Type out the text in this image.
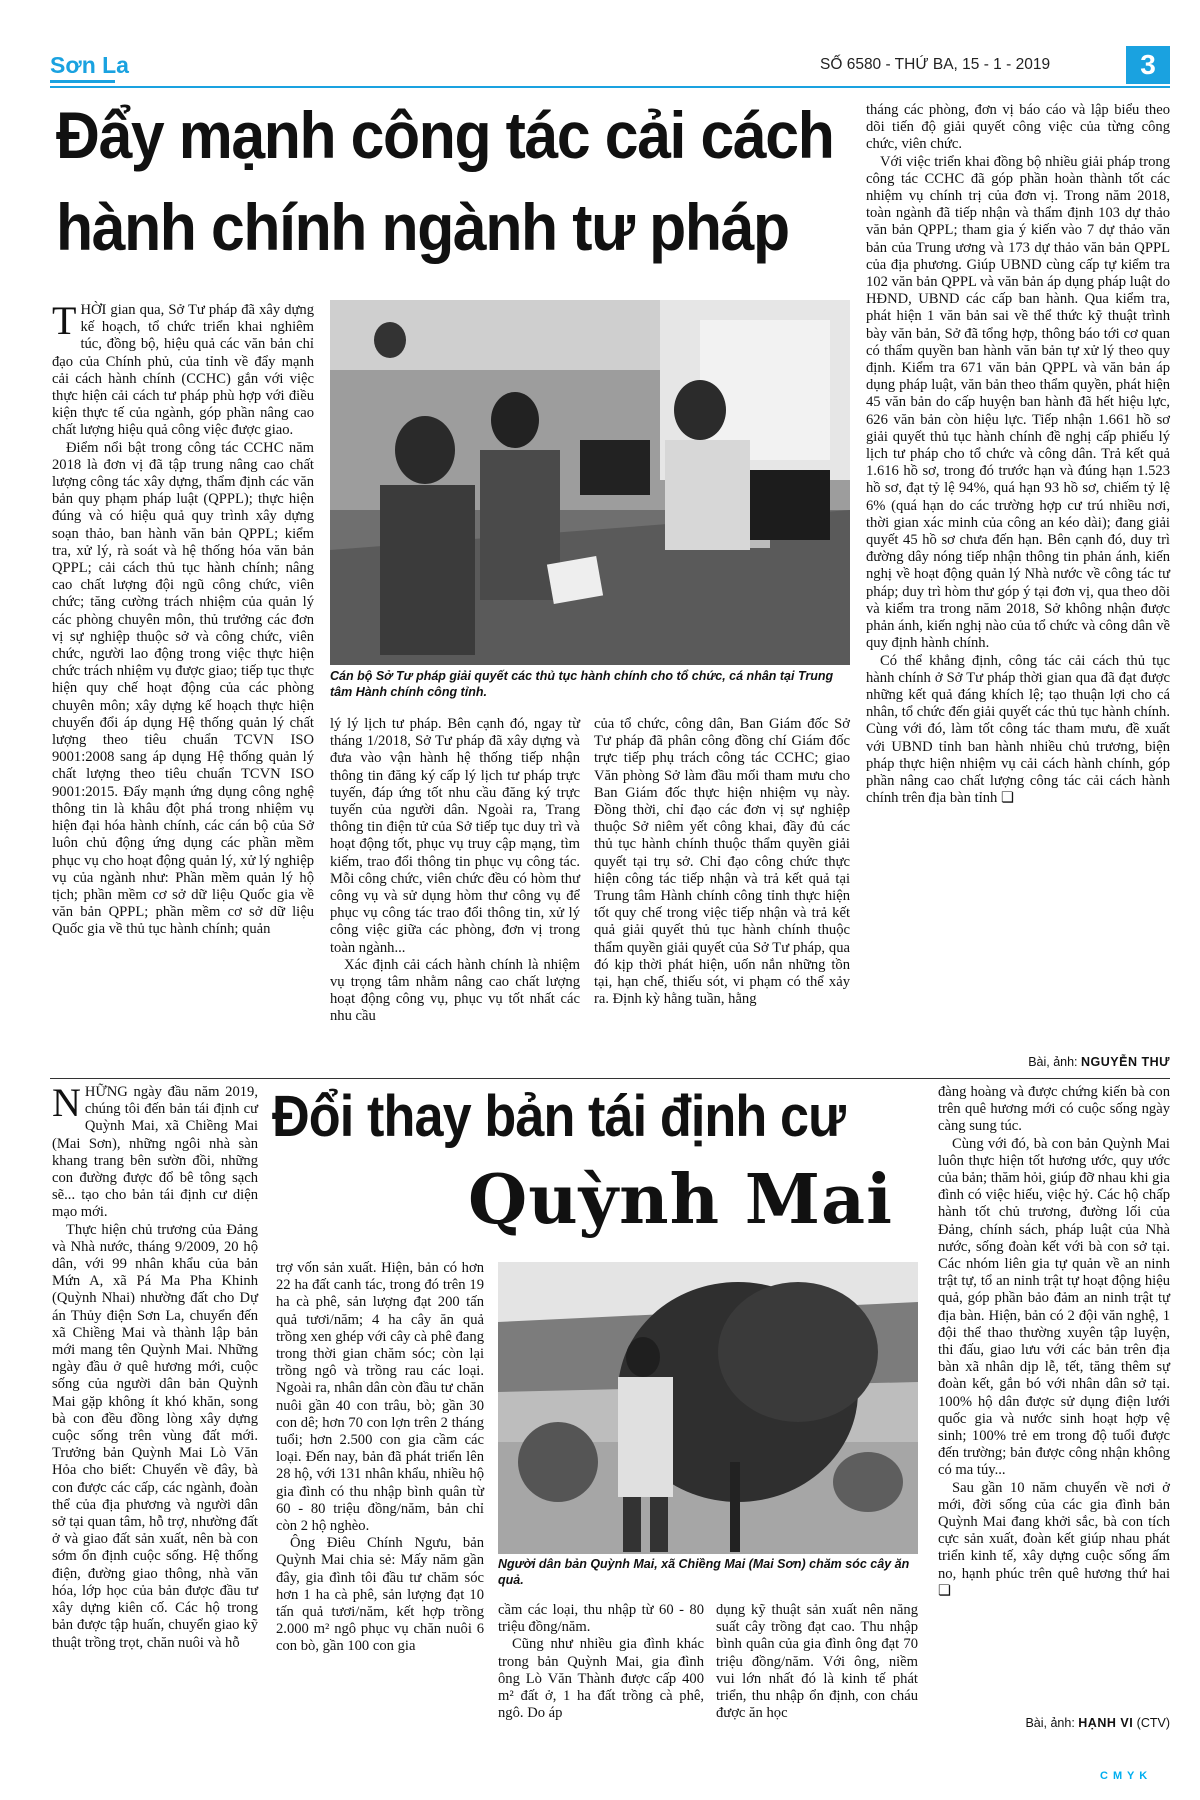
Sơn La	SỐ 6580 - THỨ BA, 15 - 1 - 2019	3
Đẩy mạnh công tác cải cách
hành chính ngành tư pháp
Cán bộ Sở Tư pháp giải quyết các thủ tục hành chính cho tổ chức, cá nhân tại Trung tâm Hành chính công tỉnh.

THỜI gian qua, Sở Tư pháp đã xây dựng kế hoạch, tổ chức triển khai nghiêm túc, đồng bộ, hiệu quả các văn bản chỉ đạo của Chính phủ, của tỉnh về đẩy mạnh cải cách hành chính (CCHC) gắn với việc thực hiện cải cách tư pháp phù hợp với điều kiện thực tế của ngành, góp phần nâng cao chất lượng hiệu quả công việc được giao.

Điểm nổi bật trong công tác CCHC năm 2018 là đơn vị đã tập trung nâng cao chất lượng công tác xây dựng, thẩm định các văn bản quy phạm pháp luật (QPPL); thực hiện đúng và có hiệu quả quy trình xây dựng soạn thảo, ban hành văn bản QPPL; kiểm tra, xử lý, rà soát và hệ thống hóa văn bản QPPL; cải cách thủ tục hành chính; nâng cao chất lượng đội ngũ công chức, viên chức; tăng cường trách nhiệm của quản lý các phòng chuyên môn, thủ trưởng các đơn vị sự nghiệp thuộc sở và công chức, viên chức, người lao động trong việc thực hiện chức trách nhiệm vụ được giao; tiếp tục thực hiện quy chế hoạt động của các phòng chuyên môn; xây dựng kế hoạch thực hiện chuyển đổi áp dụng Hệ thống quản lý chất lượng theo tiêu chuẩn TCVN ISO 9001:2008 sang áp dụng Hệ thống quản lý chất lượng theo tiêu chuẩn TCVN ISO 9001:2015. Đẩy mạnh ứng dụng công nghệ thông tin là khâu đột phá trong nhiệm vụ hiện đại hóa hành chính, các cán bộ của Sở luôn chủ động ứng dụng các phần mềm phục vụ cho hoạt động quản lý, xử lý nghiệp vụ của ngành như: Phần mềm quản lý hộ tịch; phần mềm cơ sở dữ liệu Quốc gia về văn bản QPPL; phần mềm cơ sở dữ liệu Quốc gia về thủ tục hành chính; quản

lý lý lịch tư pháp. Bên cạnh đó, ngay từ tháng 1/2018, Sở Tư pháp đã xây dựng và đưa vào vận hành hệ thống tiếp nhận thông tin đăng ký cấp lý lịch tư pháp trực tuyến, đáp ứng tốt nhu cầu đăng ký trực tuyến của người dân. Ngoài ra, Trang thông tin điện tử của Sở tiếp tục duy trì và hoạt động tốt, phục vụ truy cập mạng, tìm kiếm, trao đổi thông tin phục vụ công tác. Mỗi công chức, viên chức đều có hòm thư công vụ và sử dụng hòm thư công vụ để phục vụ công tác trao đổi thông tin, xử lý công việc giữa các phòng, đơn vị trong toàn ngành...

Xác định cải cách hành chính là nhiệm vụ trọng tâm nhằm nâng cao chất lượng hoạt động công vụ, phục vụ tốt nhất các nhu cầu

của tổ chức, công dân, Ban Giám đốc Sở Tư pháp đã phân công đồng chí Giám đốc trực tiếp phụ trách công tác CCHC; giao Văn phòng Sở làm đầu mối tham mưu cho Ban Giám đốc thực hiện nhiệm vụ này. Đồng thời, chỉ đạo các đơn vị sự nghiệp thuộc Sở niêm yết công khai, đầy đủ các thủ tục hành chính thuộc thẩm quyền giải quyết tại trụ sở. Chỉ đạo công chức thực hiện công tác tiếp nhận và trả kết quả tại Trung tâm Hành chính công tỉnh thực hiện tốt quy chế trong việc tiếp nhận và trả kết quả giải quyết thủ tục hành chính thuộc thẩm quyền giải quyết của Sở Tư pháp, qua đó kịp thời phát hiện, uốn nắn những tồn tại, hạn chế, thiếu sót, vi phạm có thể xảy ra. Định kỳ hằng tuần, hằng

tháng các phòng, đơn vị báo cáo và lập biểu theo dõi tiến độ giải quyết công việc của từng công chức, viên chức.

Với việc triển khai đồng bộ nhiều giải pháp trong công tác CCHC đã góp phần hoàn thành tốt các nhiệm vụ chính trị của đơn vị. Trong năm 2018, toàn ngành đã tiếp nhận và thẩm định 103 dự thảo văn bản QPPL; tham gia ý kiến vào 7 dự thảo văn bản của Trung ương và 173 dự thảo văn bản QPPL của địa phương. Giúp UBND cùng cấp tự kiểm tra 102 văn bản QPPL và văn bản áp dụng pháp luật do HĐND, UBND các cấp ban hành. Qua kiểm tra, phát hiện 1 văn bản sai về thể thức kỹ thuật trình bày văn bản, Sở đã tổng hợp, thông báo tới cơ quan có thẩm quyền ban hành văn bản tự xử lý theo quy định. Kiểm tra 671 văn bản QPPL và văn bản áp dụng pháp luật, văn bản theo thẩm quyền, phát hiện 45 văn bản do cấp huyện ban hành đã hết hiệu lực, 626 văn bản còn hiệu lực. Tiếp nhận 1.661 hồ sơ giải quyết thủ tục hành chính đề nghị cấp phiếu lý lịch tư pháp cho tổ chức và công dân. Trả kết quả 1.616 hồ sơ, trong đó trước hạn và đúng hạn 1.523 hồ sơ, đạt tỷ lệ 94%, quá hạn 93 hồ sơ, chiếm tỷ lệ 6% (quá hạn do các trường hợp cư trú nhiều nơi, thời gian xác minh của công an kéo dài); đang giải quyết 45 hồ sơ chưa đến hạn. Bên cạnh đó, duy trì đường dây nóng tiếp nhận thông tin phản ánh, kiến nghị về hoạt động quản lý Nhà nước về công tác tư pháp; duy trì hòm thư góp ý tại đơn vị, qua theo dõi và kiểm tra trong năm 2018, Sở không nhận được phản ánh, kiến nghị nào của tổ chức và công dân về quy định hành chính.

Có thể khẳng định, công tác cải cách thủ tục hành chính ở Sở Tư pháp thời gian qua đã đạt được những kết quả đáng khích lệ; tạo thuận lợi cho cá nhân, tổ chức đến giải quyết các thủ tục hành chính. Cùng với đó, làm tốt công tác tham mưu, đề xuất với UBND tỉnh ban hành nhiều chủ trương, biện pháp thực hiện nhiệm vụ cải cách hành chính, góp phần nâng cao chất lượng công tác cải cách hành chính trên địa bàn tỉnh ❏

Bài, ảnh: NGUYỄN THƯ
Đổi thay bản tái định cư
Quỳnh Mai
Người dân bản Quỳnh Mai, xã Chiềng Mai (Mai Sơn) chăm sóc cây ăn quả.

NHỮNG ngày đầu năm 2019, chúng tôi đến bản tái định cư Quỳnh Mai, xã Chiềng Mai (Mai Sơn), những ngôi nhà sàn khang trang bên sườn đồi, những con đường được đổ bê tông sạch sẽ... tạo cho bản tái định cư diện mạo mới.

Thực hiện chủ trương của Đảng và Nhà nước, tháng 9/2009, 20 hộ dân, với 99 nhân khẩu của bản Mứn A, xã Pá Ma Pha Khinh (Quỳnh Nhai) nhường đất cho Dự án Thủy điện Sơn La, chuyển đến xã Chiềng Mai và thành lập bản mới mang tên Quỳnh Mai. Những ngày đầu ở quê hương mới, cuộc sống của người dân bản Quỳnh Mai gặp không ít khó khăn, song bà con đều đồng lòng xây dựng cuộc sống trên vùng đất mới. Trưởng bản Quỳnh Mai Lò Văn Hỏa cho biết: Chuyển về đây, bà con được các cấp, các ngành, đoàn thể của địa phương và người dân sở tại quan tâm, hỗ trợ, nhường đất ở và giao đất sản xuất, nên bà con sớm ổn định cuộc sống. Hệ thống điện, đường giao thông, nhà văn hóa, lớp học của bản được đầu tư xây dựng kiên cố. Các hộ trong bản được tập huấn, chuyển giao kỹ thuật trồng trọt, chăn nuôi và hỗ

trợ vốn sản xuất. Hiện, bản có hơn 22 ha đất canh tác, trong đó trên 19 ha cà phê, sản lượng đạt 200 tấn quả tươi/năm; 4 ha cây ăn quả trồng xen ghép với cây cà phê đang trong thời gian chăm sóc; còn lại trồng ngô và trồng rau các loại. Ngoài ra, nhân dân còn đầu tư chăn nuôi gần 40 con trâu, bò; gần 30 con dê; hơn 70 con lợn trên 2 tháng tuổi; hơn 2.500 con gia cầm các loại. Đến nay, bản đã phát triển lên 28 hộ, với 131 nhân khẩu, nhiều hộ gia đình có thu nhập bình quân từ 60 - 80 triệu đồng/năm, bản chỉ còn 2 hộ nghèo.

Ông Điêu Chính Ngưu, bản Quỳnh Mai chia sẻ: Mấy năm gần đây, gia đình tôi đầu tư chăm sóc hơn 1 ha cà phê, sản lượng đạt 10 tấn quả tươi/năm, kết hợp trồng 2.000 m² ngô phục vụ chăn nuôi 6 con bò, gần 100 con gia

cầm các loại, thu nhập từ 60 - 80 triệu đồng/năm.

Cũng như nhiều gia đình khác trong bản Quỳnh Mai, gia đình ông Lò Văn Thành được cấp 400 m² đất ở, 1 ha đất trồng cà phê, ngô. Do áp

dụng kỹ thuật sản xuất nên năng suất cây trồng đạt cao. Thu nhập bình quân của gia đình ông đạt 70 triệu đồng/năm. Với ông, niềm vui lớn nhất đó là kinh tế phát triển, thu nhập ổn định, con cháu được ăn học

đàng hoàng và được chứng kiến bà con trên quê hương mới có cuộc sống ngày càng sung túc.

Cùng với đó, bà con bản Quỳnh Mai luôn thực hiện tốt hương ước, quy ước của bản; thăm hỏi, giúp đỡ nhau khi gia đình có việc hiếu, việc hỷ. Các hộ chấp hành tốt chủ trương, đường lối của Đảng, chính sách, pháp luật của Nhà nước, sống đoàn kết với bà con sở tại. Các nhóm liên gia tự quản về an ninh trật tự, tổ an ninh trật tự hoạt động hiệu quả, góp phần bảo đảm an ninh trật tự địa bàn. Hiện, bản có 2 đội văn nghệ, 1 đội thể thao thường xuyên tập luyện, thi đấu, giao lưu với các bản trên địa bàn xã nhân dịp lễ, tết, tăng thêm sự đoàn kết, gắn bó với nhân dân sở tại. 100% hộ dân được sử dụng điện lưới quốc gia và nước sinh hoạt hợp vệ sinh; 100% trẻ em trong độ tuổi được đến trường; bản được công nhận không có ma túy...

Sau gần 10 năm chuyển về nơi ở mới, đời sống của các gia đình bản Quỳnh Mai đang khởi sắc, bà con tích cực sản xuất, đoàn kết giúp nhau phát triển kinh tế, xây dựng cuộc sống ấm no, hạnh phúc trên quê hương thứ hai ❏

Bài, ảnh: HẠNH VI (CTV)
C M Y K
